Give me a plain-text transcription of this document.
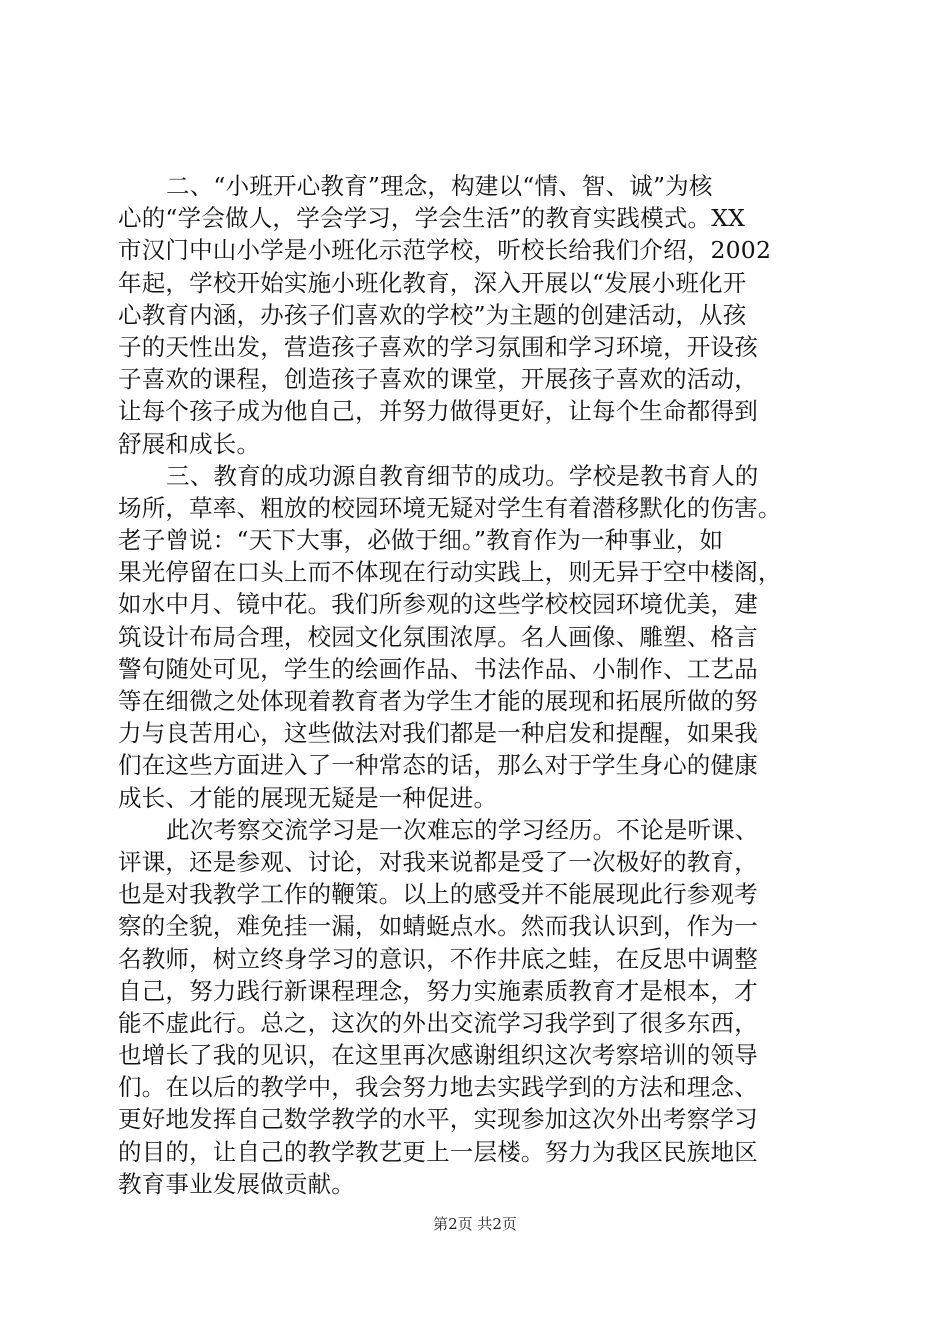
二、“小班开心教育”理念，构建以“情、智、诚”为核
心的“学会做人，学会学习，学会生活”的教育实践模式。XX
市汉门中山小学是小班化示范学校，听校长给我们介绍，2002
年起，学校开始实施小班化教育，深入开展以“发展小班化开
心教育内涵，办孩子们喜欢的学校”为主题的创建活动，从孩
子的天性出发，营造孩子喜欢的学习氛围和学习环境，开设孩
子喜欢的课程，创造孩子喜欢的课堂，开展孩子喜欢的活动，
让每个孩子成为他自己，并努力做得更好，让每个生命都得到
舒展和成长。
三、教育的成功源自教育细节的成功。学校是教书育人的
场所，草率、粗放的校园环境无疑对学生有着潜移默化的伤害。
老子曾说：“天下大事，必做于细。”教育作为一种事业，如
果光停留在口头上而不体现在行动实践上，则无异于空中楼阁，
如水中月、镜中花。我们所参观的这些学校校园环境优美，建
筑设计布局合理，校园文化氛围浓厚。名人画像、雕塑、格言
警句随处可见，学生的绘画作品、书法作品、小制作、工艺品
等在细微之处体现着教育者为学生才能的展现和拓展所做的努
力与良苦用心，这些做法对我们都是一种启发和提醒，如果我
们在这些方面进入了一种常态的话，那么对于学生身心的健康
成长、才能的展现无疑是一种促进。
此次考察交流学习是一次难忘的学习经历。不论是听课、
评课，还是参观、讨论，对我来说都是受了一次极好的教育，
也是对我教学工作的鞭策。以上的感受并不能展现此行参观考
察的全貌，难免挂一漏，如蜻蜓点水。然而我认识到，作为一
名教师，树立终身学习的意识，不作井底之蛙，在反思中调整
自己，努力践行新课程理念，努力实施素质教育才是根本，才
能不虚此行。总之，这次的外出交流学习我学到了很多东西，
也增长了我的见识，在这里再次感谢组织这次考察培训的领导
们。在以后的教学中，我会努力地去实践学到的方法和理念、
更好地发挥自己数学教学的水平，实现参加这次外出考察学习
的目的，让自己的教学教艺更上一层楼。努力为我区民族地区
教育事业发展做贡献。
第2页 共2页
